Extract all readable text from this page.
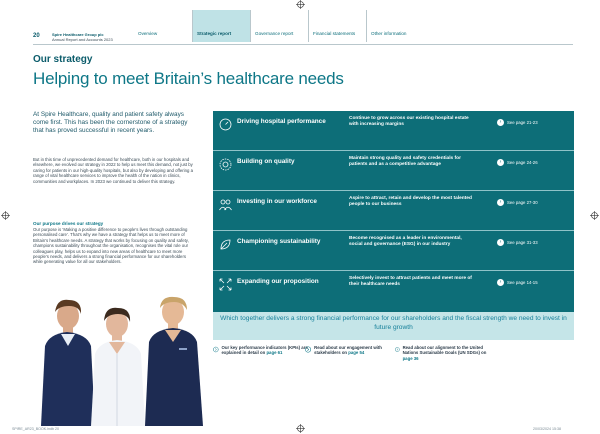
20	Spire Healthcare Group plc
Annual Report and Accounts 2023
Overview	Strategic report	Governance report	Financial statements	Other information
Our strategy
Helping to meet Britain’s healthcare needs
At Spire Healthcare, quality and patient safety always come first. This has been the cornerstone of a strategy that has proved successful in recent years.
But in this time of unprecedented demand for healthcare, both in our hospitals and elsewhere, we evolved our strategy in 2022 to help us meet this demand, not just by caring for patients in our high-quality hospitals, but also by developing and offering a range of vital healthcare services to improve the health of the nation in clinics, communities and workplaces. In 2023 we continued to deliver this strategy.
Our purpose drives our strategy
Our purpose is ‘Making a positive difference to people’s lives through outstanding personalised care’. That’s why we have a strategy that helps us to meet more of Britain’s healthcare needs. A strategy that works by focusing on quality and safety, champions sustainability throughout the organisation, recognises the vital role our colleagues play, helps us to expand into new areas of healthcare to meet more people’s needs, and delivers a strong financial performance for our shareholders while generating value for all our stakeholders.
Driving hospital performance	Continue to grow across our existing hospital estate with increasing margins	›	See page 21-23
Building on quality	Maintain strong quality and safety credentials for patients and as a competitive advantage	›	See page 24-26
Investing in our workforce	Aspire to attract, retain and develop the most talented people to our business	›	See page 27-30
Championing sustainability	Become recognised as a leader in environmental, social and governance (ESG) in our industry	›	See page 31-33
Expanding our proposition	Selectively invest to attract patients and meet more of their healthcare needs	›	See page 14-15
Which together delivers a strong financial performance for our shareholders and the fiscal strength we need to invest in future growth
Our key performance indicators (KPIs) are explained in detail on page 61
Read about our engagement with stakeholders on page 54
Read about our alignment to the United Nations Sustainable Goals (UN SDGs) on page 36
SPIRE_AR23_BOOK.indb 20	20/03/2024 15:38
